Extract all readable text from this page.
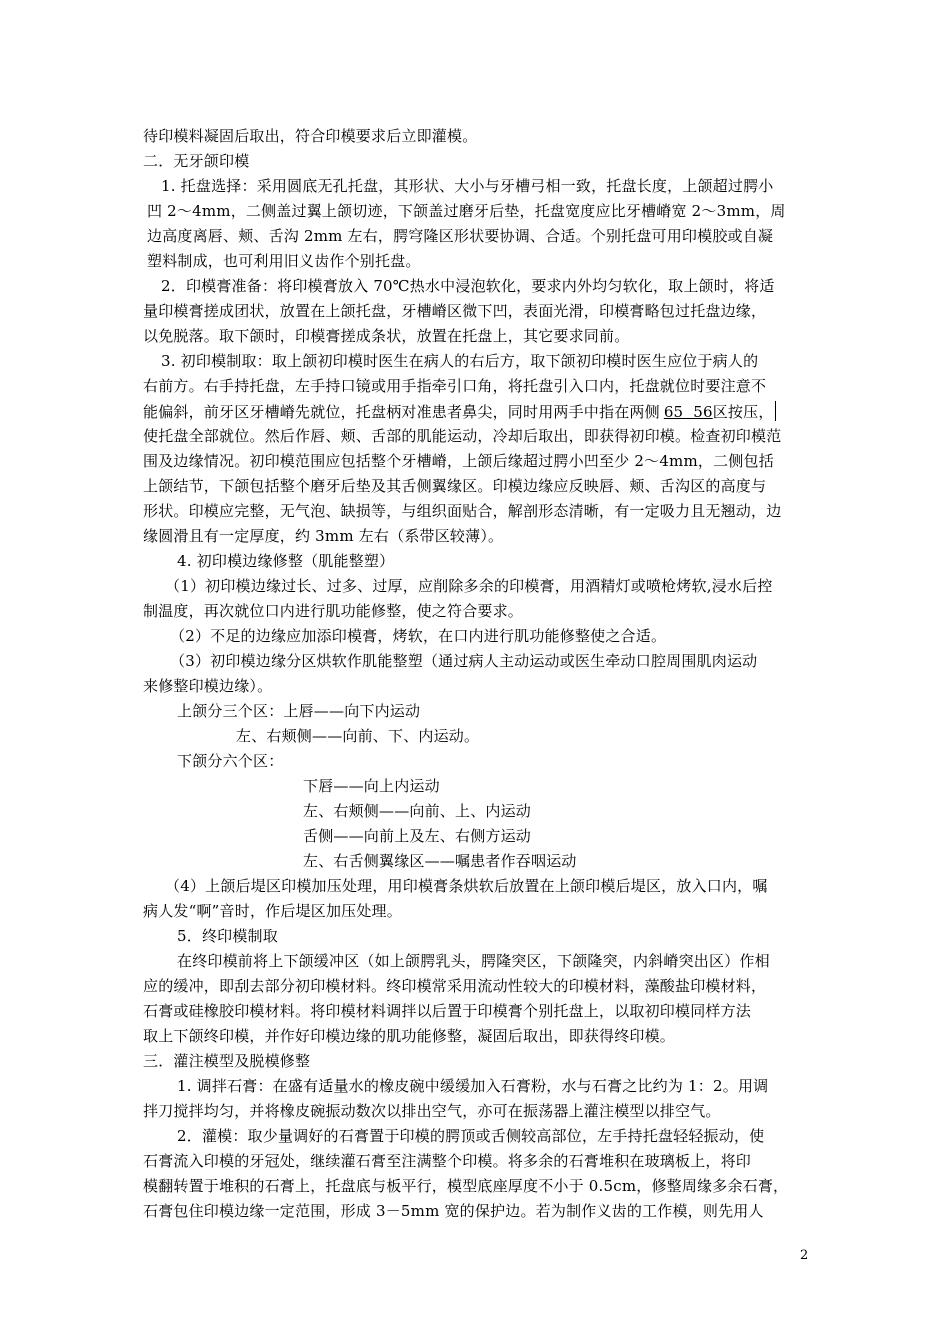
待印模料凝固后取出，符合印模要求后立即灌模。
二．无牙颌印模
1. 托盘选择：采用圆底无孔托盘，其形状、大小与牙槽弓相一致，托盘长度，上颌超过腭小
凹 2～4mm，二侧盖过翼上颌切迹，下颌盖过磨牙后垫，托盘宽度应比牙槽嵴宽 2～3mm，周
边高度离唇、颊、舌沟 2mm 左右，腭穹隆区形状要协调、合适。个别托盘可用印模胶或自凝
塑料制成，也可利用旧义齿作个别托盘。
2．印模膏准备：将印模膏放入 70℃热水中浸泡软化，要求内外均匀软化，取上颌时，将适
量印模膏搓成团状，放置在上颌托盘，牙槽嵴区微下凹，表面光滑，印模膏略包过托盘边缘，
以免脱落。取下颌时，印模膏搓成条状，放置在托盘上，其它要求同前。
3. 初印模制取：取上颌初印模时医生在病人的右后方，取下颌初印模时医生应位于病人的
右前方。右手持托盘，左手持口镜或用手指牵引口角，将托盘引入口内，托盘就位时要注意不
能偏斜，前牙区牙槽嵴先就位，托盘柄对准患者鼻尖，同时用两手中指在两侧 65  56区按压，
使托盘全部就位。然后作唇、颊、舌部的肌能运动，冷却后取出，即获得初印模。检查初印模范
围及边缘情况。初印模范围应包括整个牙槽嵴，上颌后缘超过腭小凹至少 2～4mm，二侧包括
上颌结节，下颌包括整个磨牙后垫及其舌侧翼缘区。印模边缘应反映唇、颊、舌沟区的高度与
形状。印模应完整，无气泡、缺损等，与组织面贴合，解剖形态清晰，有一定吸力且无翘动，边
缘圆滑且有一定厚度，约 3mm 左右（系带区较薄）。
4. 初印模边缘修整（肌能整塑）
（1）初印模边缘过长、过多、过厚，应削除多余的印模膏，用酒精灯或喷枪烤软,浸水后控
制温度，再次就位口内进行肌功能修整，使之符合要求。
（2）不足的边缘应加添印模膏，烤软，在口内进行肌功能修整使之合适。
（3）初印模边缘分区烘软作肌能整塑（通过病人主动运动或医生牵动口腔周围肌肉运动
来修整印模边缘）。
上颌分三个区：上唇——向下内运动
左、右颊侧——向前、下、内运动。
下颌分六个区：
下唇——向上内运动
左、右颊侧——向前、上、内运动
舌侧——向前上及左、右侧方运动
左、右舌侧翼缘区——嘱患者作吞咽运动
（4）上颌后堤区印模加压处理，用印模膏条烘软后放置在上颌印模后堤区，放入口内，嘱
病人发“啊”音时，作后堤区加压处理。
5．终印模制取
在终印模前将上下颌缓冲区（如上颌腭乳头，腭隆突区，下颌隆突，内斜嵴突出区）作相
应的缓冲，即刮去部分初印模材料。终印模常采用流动性较大的印模材料，藻酸盐印模材料，
石膏或硅橡胶印模材料。将印模材料调拌以后置于印模膏个别托盘上，以取初印模同样方法
取上下颌终印模，并作好印模边缘的肌功能修整，凝固后取出，即获得终印模。
三．灌注模型及脱模修整
1. 调拌石膏：在盛有适量水的橡皮碗中缓缓加入石膏粉，水与石膏之比约为 1：2。用调
拌刀搅拌均匀，并将橡皮碗振动数次以排出空气，亦可在振荡器上灌注模型以排空气。
2．灌模：取少量调好的石膏置于印模的腭顶或舌侧较高部位，左手持托盘轻轻振动，使
石膏流入印模的牙冠处，继续灌石膏至注满整个印模。将多余的石膏堆积在玻璃板上，将印
模翻转置于堆积的石膏上，托盘底与板平行，模型底座厚度不小于 0.5cm，修整周缘多余石膏，
石膏包住印模边缘一定范围，形成 3－5mm 宽的保护边。若为制作义齿的工作模，则先用人
2
